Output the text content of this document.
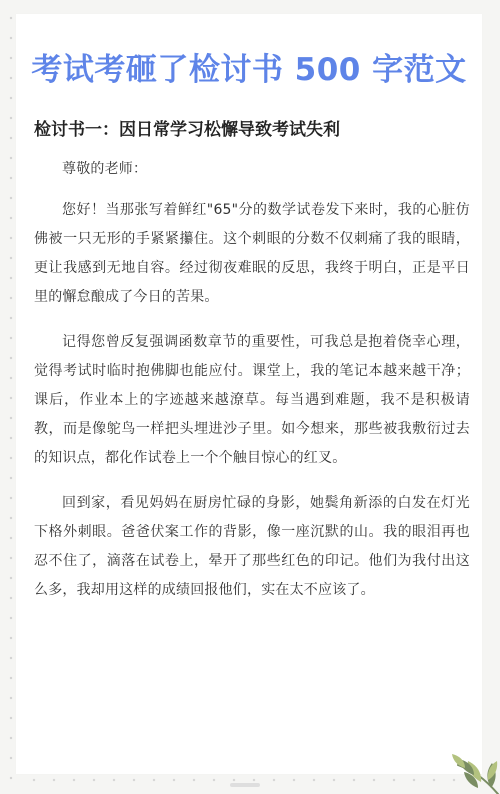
考试考砸了检讨书 500 字范文
检讨书一：因日常学习松懈导致考试失利

尊敬的老师：

您好！当那张写着鲜红"65"分的数学试卷发下来时，我的心脏仿佛被一只无形的手紧紧攥住。这个刺眼的分数不仅刺痛了我的眼睛，更让我感到无地自容。经过彻夜难眠的反思，我终于明白，正是平日里的懈怠酿成了今日的苦果。

记得您曾反复强调函数章节的重要性，可我总是抱着侥幸心理，觉得考试时临时抱佛脚也能应付。课堂上，我的笔记本越来越干净；课后，作业本上的字迹越来越潦草。每当遇到难题，我不是积极请教，而是像鸵鸟一样把头埋进沙子里。如今想来，那些被我敷衍过去的知识点，都化作试卷上一个个触目惊心的红叉。

回到家，看见妈妈在厨房忙碌的身影，她鬓角新添的白发在灯光下格外刺眼。爸爸伏案工作的背影，像一座沉默的山。我的眼泪再也忍不住了，滴落在试卷上，晕开了那些红色的印记。他们为我付出这么多，我却用这样的成绩回报他们，实在太不应该了。
